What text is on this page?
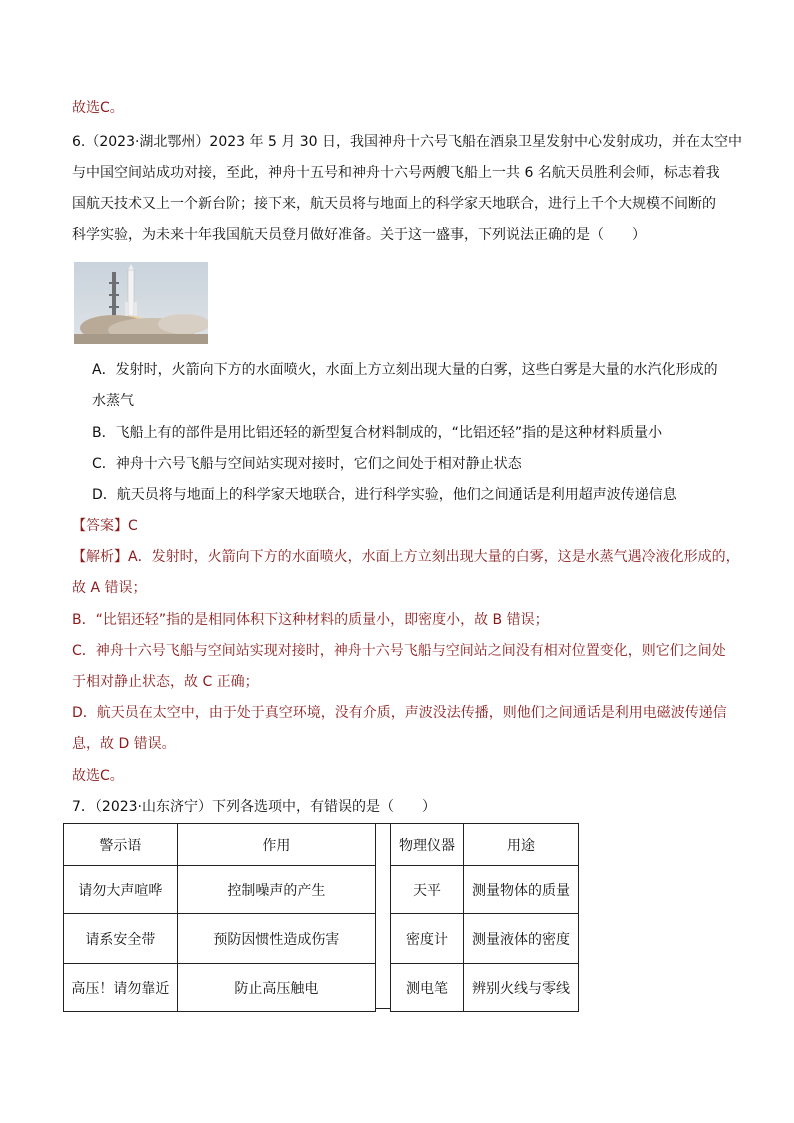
故选C。
6.（2023·湖北鄂州）2023 年 5 月 30 日，我国神舟十六号飞船在酒泉卫星发射中心发射成功，并在太空中
与中国空间站成功对接，至此，神舟十五号和神舟十六号两艘飞船上一共 6 名航天员胜利会师，标志着我
国航天技术又上一个新台阶；接下来，航天员将与地面上的科学家天地联合，进行上千个大规模不间断的
科学实验，为未来十年我国航天员登月做好准备。关于这一盛事，下列说法正确的是（　　）
A．发射时，火箭向下方的水面喷火，水面上方立刻出现大量的白雾，这些白雾是大量的水汽化形成的
水蒸气
B．飞船上有的部件是用比铝还轻的新型复合材料制成的，“比铝还轻”指的是这种材料质量小
C．神舟十六号飞船与空间站实现对接时，它们之间处于相对静止状态
D．航天员将与地面上的科学家天地联合，进行科学实验，他们之间通话是利用超声波传递信息
【答案】C
【解析】A．发射时，火箭向下方的水面喷火，水面上方立刻出现大量的白雾，这是水蒸气遇冷液化形成的，
故 A 错误；
B．“比铝还轻”指的是相同体积下这种材料的质量小，即密度小，故 B 错误；
C．神舟十六号飞船与空间站实现对接时，神舟十六号飞船与空间站之间没有相对位置变化，则它们之间处
于相对静止状态，故 C 正确；
D．航天员在太空中，由于处于真空环境，没有介质，声波没法传播，则他们之间通话是利用电磁波传递信
息，故 D 错误。
故选C。
7．（2023·山东济宁）下列各选项中，有错误的是（　　）
警示语	作用
请勿大声喧哗	控制噪声的产生
请系安全带	预防因惯性造成伤害
高压！请勿靠近	防止高压触电
物理仪器	用途
天平	测量物体的质量
密度计	测量液体的密度
测电笔	辨别火线与零线
